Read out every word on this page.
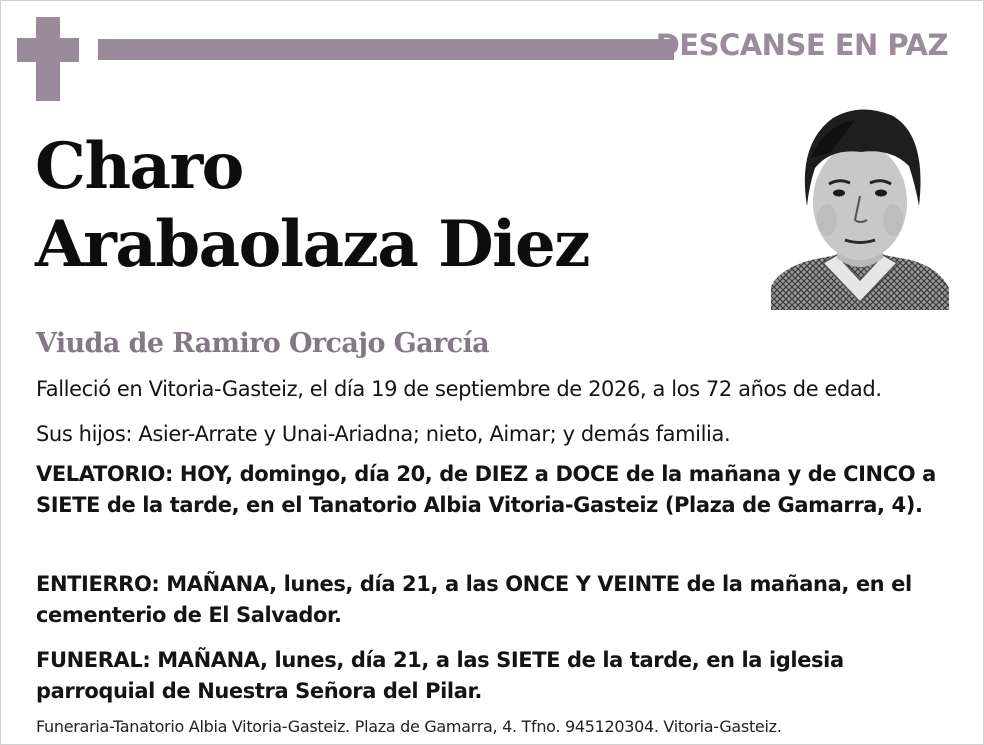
DESCANSE EN PAZ
Charo
Arabaolaza Diez
Viuda de Ramiro Orcajo García
Falleció en Vitoria-Gasteiz, el día 19 de septiembre de 2026, a los 72 años de edad.
Sus hijos: Asier-Arrate y Unai-Ariadna; nieto, Aimar; y demás familia.
VELATORIO: HOY, domingo, día 20, de DIEZ a DOCE de la mañana y de CINCO a SIETE de la tarde, en el Tanatorio Albia Vitoria-Gasteiz (Plaza de Gamarra, 4).
ENTIERRO: MAÑANA, lunes, día 21, a las ONCE Y VEINTE de la mañana, en el cementerio de El Salvador.
FUNERAL: MAÑANA, lunes, día 21, a las SIETE de la tarde, en la iglesia parroquial de Nuestra Señora del Pilar.
Funeraria-Tanatorio Albia Vitoria-Gasteiz. Plaza de Gamarra, 4. Tfno. 945120304. Vitoria-Gasteiz.
